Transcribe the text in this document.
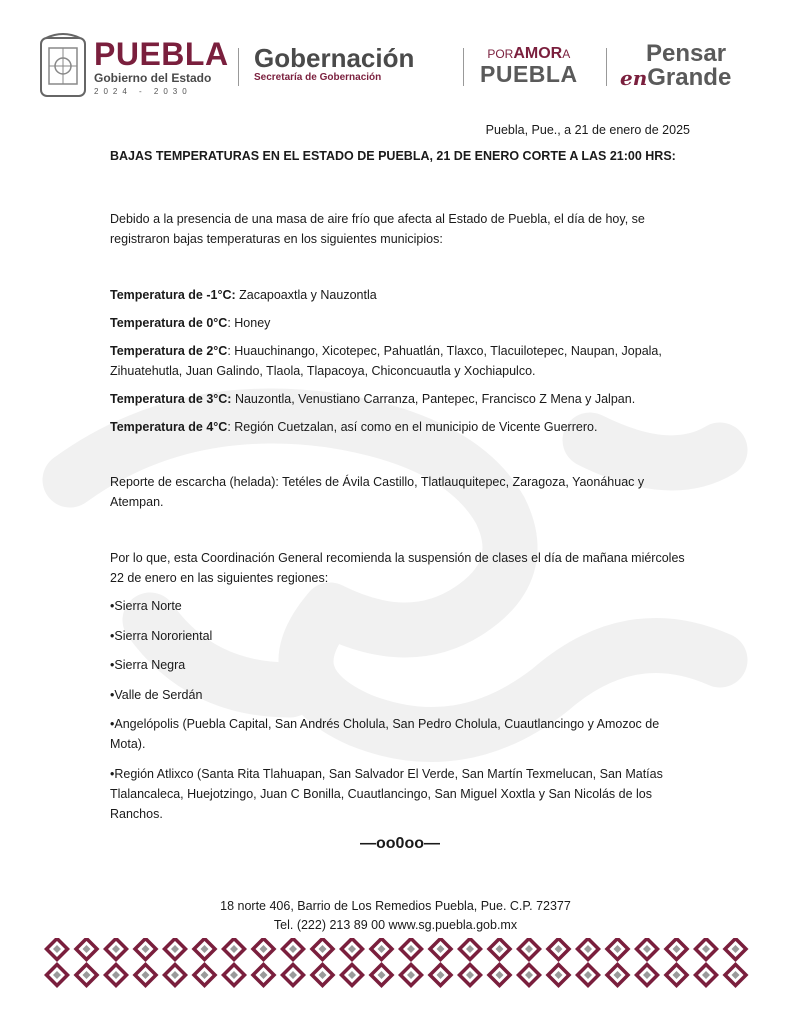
PUEBLA
Gobierno del Estado
2024 - 2030
Gobernación
Secretaría de Gobernación
PORAMORA
PUEBLA
Pensar
enGrande

Puebla, Pue., a 21 de enero de 2025

BAJAS TEMPERATURAS EN EL ESTADO DE PUEBLA, 21 DE ENERO CORTE A LAS 21:00 HRS:

Debido a la presencia de una masa de aire frío que afecta al Estado de Puebla, el día de hoy, se registraron bajas temperaturas en los siguientes municipios:

Temperatura de -1°C: Zacapoaxtla y Nauzontla

Temperatura de 0°C: Honey

Temperatura de 2°C: Huauchinango, Xicotepec, Pahuatlán, Tlaxco, Tlacuilotepec, Naupan, Jopala, Zihuatehutla, Juan Galindo, Tlaola, Tlapacoya, Chiconcuautla y Xochiapulco.

Temperatura de 3°C: Nauzontla, Venustiano Carranza, Pantepec, Francisco Z Mena y Jalpan.

Temperatura de 4°C: Región Cuetzalan, así como en el municipio de Vicente Guerrero.

Reporte de escarcha (helada): Tetéles de Ávila Castillo, Tlatlauquitepec, Zaragoza, Yaonáhuac y Atempan.

Por lo que, esta Coordinación General recomienda la suspensión de clases el día de mañana miércoles 22 de enero en las siguientes regiones:

•Sierra Norte

•Sierra Nororiental

•Sierra Negra

•Valle de Serdán

•Angelópolis (Puebla Capital, San Andrés Cholula, San Pedro Cholula, Cuautlancingo y Amozoc de Mota).

•Región Atlixco (Santa Rita Tlahuapan, San Salvador El Verde, San Martín Texmelucan, San Matías Tlalancaleca, Huejotzingo, Juan C Bonilla, Cuautlancingo, San Miguel Xoxtla y San Nicolás de los Ranchos.

—oo0oo—

18 norte 406, Barrio de Los Remedios Puebla, Pue. C.P. 72377
Tel. (222) 213 89 00 www.sg.puebla.gob.mx
